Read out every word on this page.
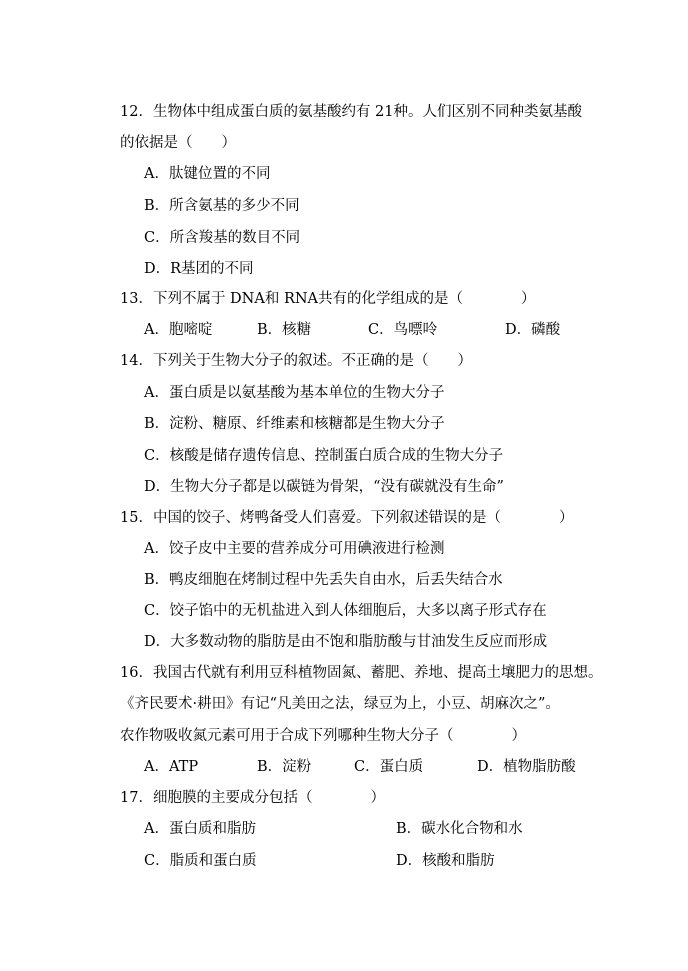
12．生物体中组成蛋白质的氨基酸约有 21种。人们区别不同种类氨基酸
的依据是（　　）
A．肽键位置的不同
B．所含氨基的多少不同
C．所含羧基的数目不同
D．R基团的不同
13．下列不属于 DNA和 RNA共有的化学组成的是（　　　　）
A．胞嘧啶	B．核糖	C．鸟嘌呤	D．磷酸
14．下列关于生物大分子的叙述。不正确的是（　　）
A．蛋白质是以氨基酸为基本单位的生物大分子
B．淀粉、糖原、纤维素和核糖都是生物大分子
C．核酸是储存遗传信息、控制蛋白质合成的生物大分子
D．生物大分子都是以碳链为骨架，“没有碳就没有生命”
15．中国的饺子、烤鸭备受人们喜爱。下列叙述错误的是（　　　　）
A．饺子皮中主要的营养成分可用碘液进行检测
B．鸭皮细胞在烤制过程中先丢失自由水，后丢失结合水
C．饺子馅中的无机盐进入到人体细胞后，大多以离子形式存在
D．大多数动物的脂肪是由不饱和脂肪酸与甘油发生反应而形成
16．我国古代就有利用豆科植物固氮、蓄肥、养地、提高土壤肥力的思想。
《齐民要术·耕田》有记“凡美田之法，绿豆为上，小豆、胡麻次之”。
农作物吸收氮元素可用于合成下列哪种生物大分子（　　　　）
A．ATP	B．淀粉	C．蛋白质	D．植物脂肪酸
17．细胞膜的主要成分包括（　　　　）
A．蛋白质和脂肪	B．碳水化合物和水
C．脂质和蛋白质	D．核酸和脂肪
